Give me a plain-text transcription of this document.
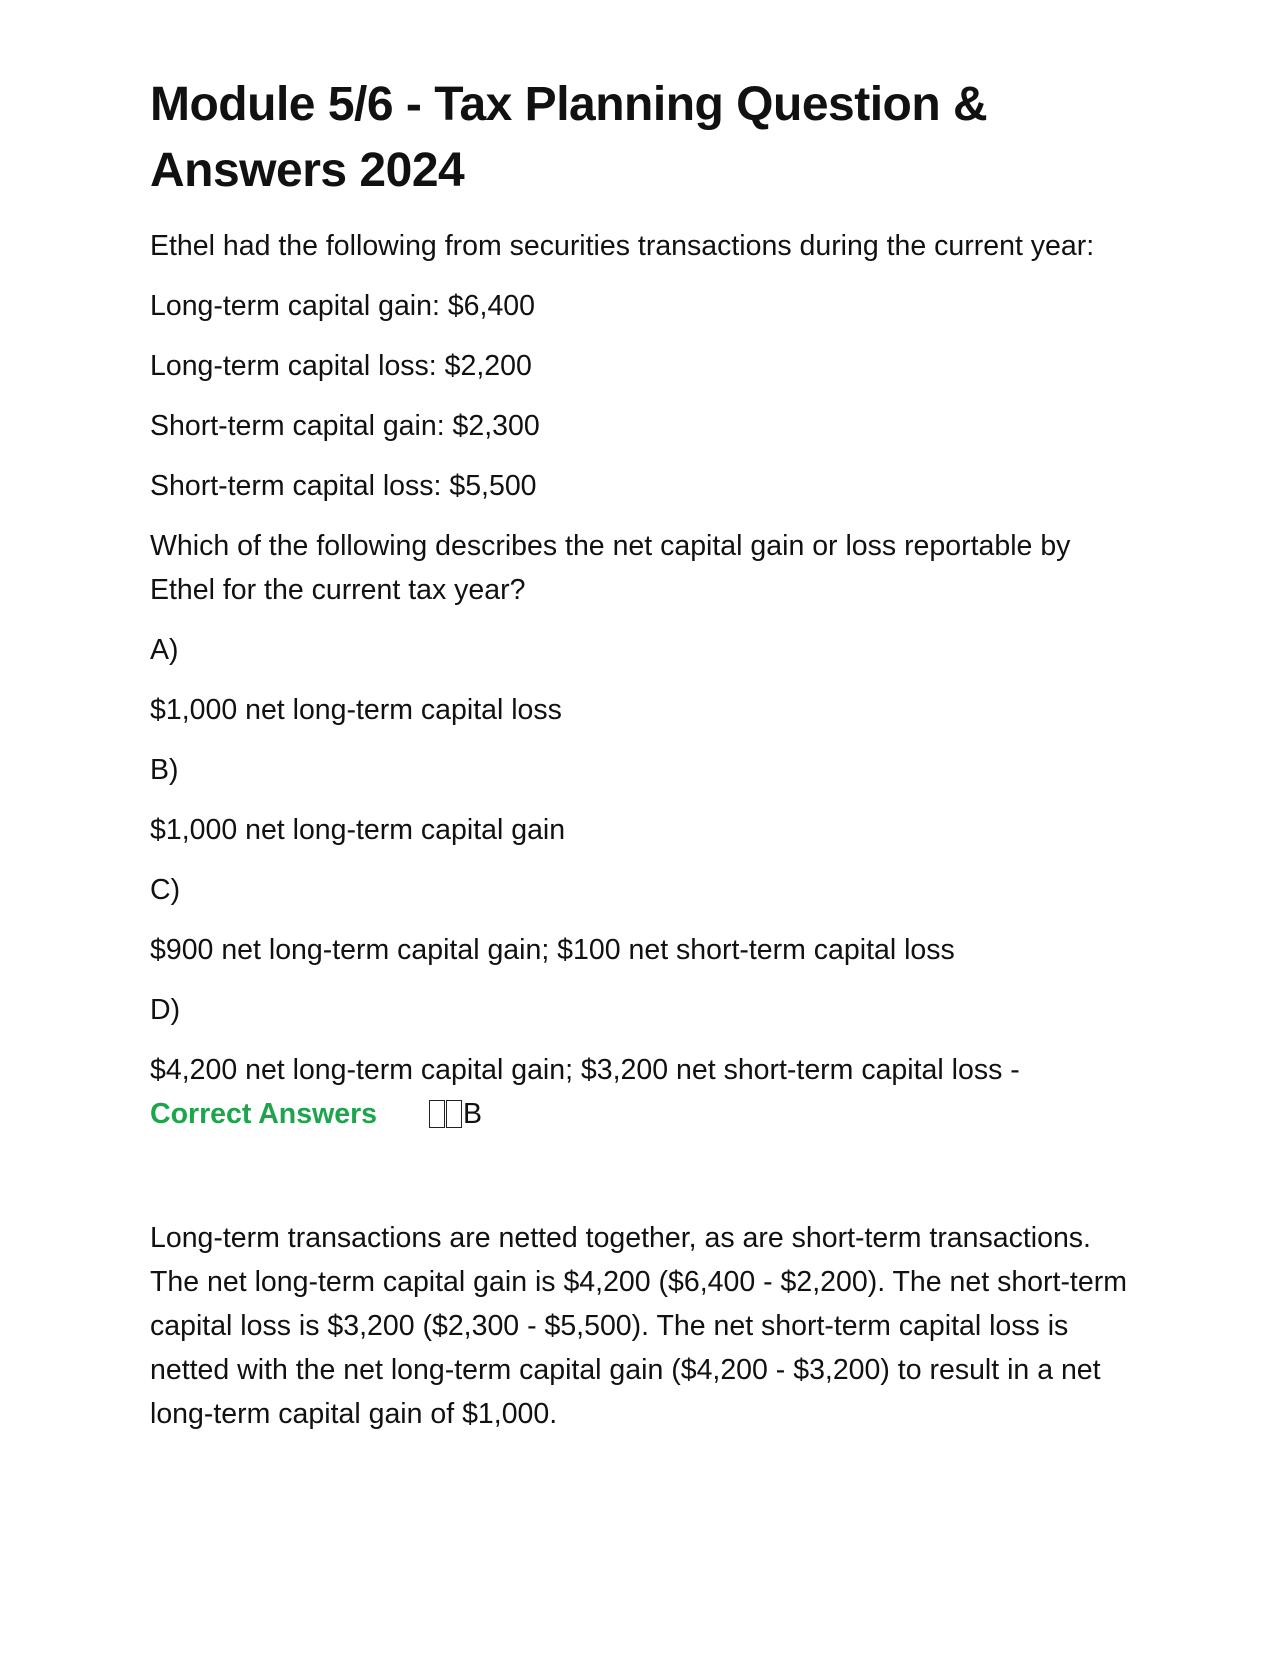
Module 5/6 - Tax Planning Question & Answers 2024

Ethel had the following from securities transactions during the current year:

Long-term capital gain: $6,400

Long-term capital loss: $2,200

Short-term capital gain: $2,300

Short-term capital loss: $5,500

Which of the following describes the net capital gain or loss reportable by Ethel for the current tax year?

A)

$1,000 net long-term capital loss

B)

$1,000 net long-term capital gain

C)

$900 net long-term capital gain; $100 net short-term capital loss

D)

$4,200 net long-term capital gain; $3,200 net short-term capital loss -

Correct Answers	B

Long-term transactions are netted together, as are short-term transactions. The net long-term capital gain is $4,200 ($6,400 - $2,200). The net short-term capital loss is $3,200 ($2,300 - $5,500). The net short-term capital loss is netted with the net long-term capital gain ($4,200 - $3,200) to result in a net long-term capital gain of $1,000.
